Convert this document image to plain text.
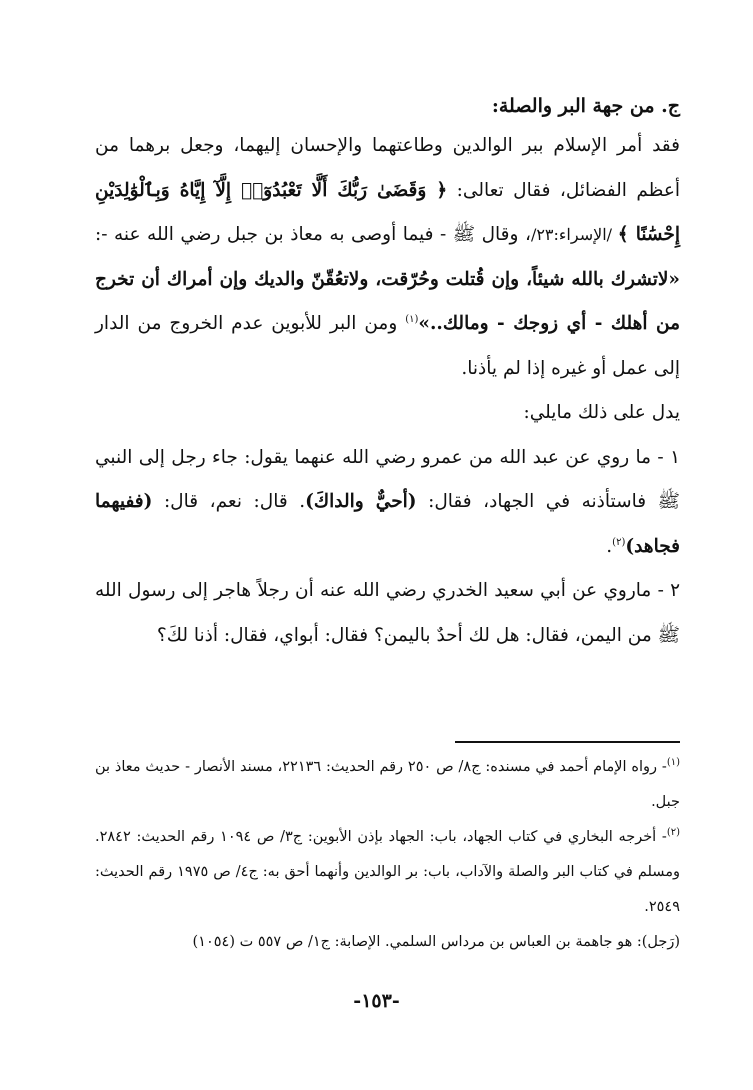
ج. من جهة البر والصلة:

فقد أمر الإسلام ببر الوالدين وطاعتهما والإحسان إليهما، وجعل برهما من أعظم الفضائل، فقال تعالى: ﴿ وَقَضَىٰ رَبُّكَ أَلَّا تَعْبُدُوٓا۟ إِلَّآ إِيَّاهُ وَبِٱلْوَٰلِدَيْنِ إِحْسَٰنًا ﴾ /الإسراء:٢٣/، وقال ﷺ - فيما أوصى به معاذ بن جبل رضي الله عنه -: «لاتشرك بالله شيئاً، وإن قُتلت وحُرّقت، ولاتعُقّنّ والديك وإن أمراك أن تخرج من أهلك - أي زوجك - ومالك..»$^{(١)}$ ومن البر للأبوين عدم الخروج من الدار إلى عمل أو غيره إذا لم يأذنا.

يدل على ذلك مايلي:

١ - ما روي عن عبد الله من عمرو رضي الله عنهما يقول: جاء رجل إلى النبي ﷺ فاستأذنه في الجهاد، فقال: (أحيٌّ والداكَ). قال: نعم، قال: (ففيهما فجاهد)$^{(٢)}$.

٢ - ماروي عن أبي سعيد الخدري رضي الله عنه أن رجلاً هاجر إلى رسول الله ﷺ من اليمن، فقال: هل لك أحدٌ باليمن؟ فقال: أبواي، فقال: أذنا لكَ؟

$^{(١)}$- رواه الإمام أحمد في مسنده: ج٨/ ص ٢٥٠ رقم الحديث: ٢٢١٣٦، مسند الأنصار - حديث معاذ بن جبل.

$^{(٢)}$- أخرجه البخاري في كتاب الجهاد، باب: الجهاد بإذن الأبوين: ج٣/ ص ١٠٩٤ رقم الحديث: ٢٨٤٢. ومسلم في كتاب البر والصلة والآداب، باب: بر الوالدين وأنهما أحق به: ج٤/ ص ١٩٧٥ رقم الحديث: ٢٥٤٩.

(رَجل): هو جاهمة بن العباس بن مرداس السلمي. الإصابة: ج١/ ص ٥٥٧ ت (١٠٥٤)

-١٥٣-
